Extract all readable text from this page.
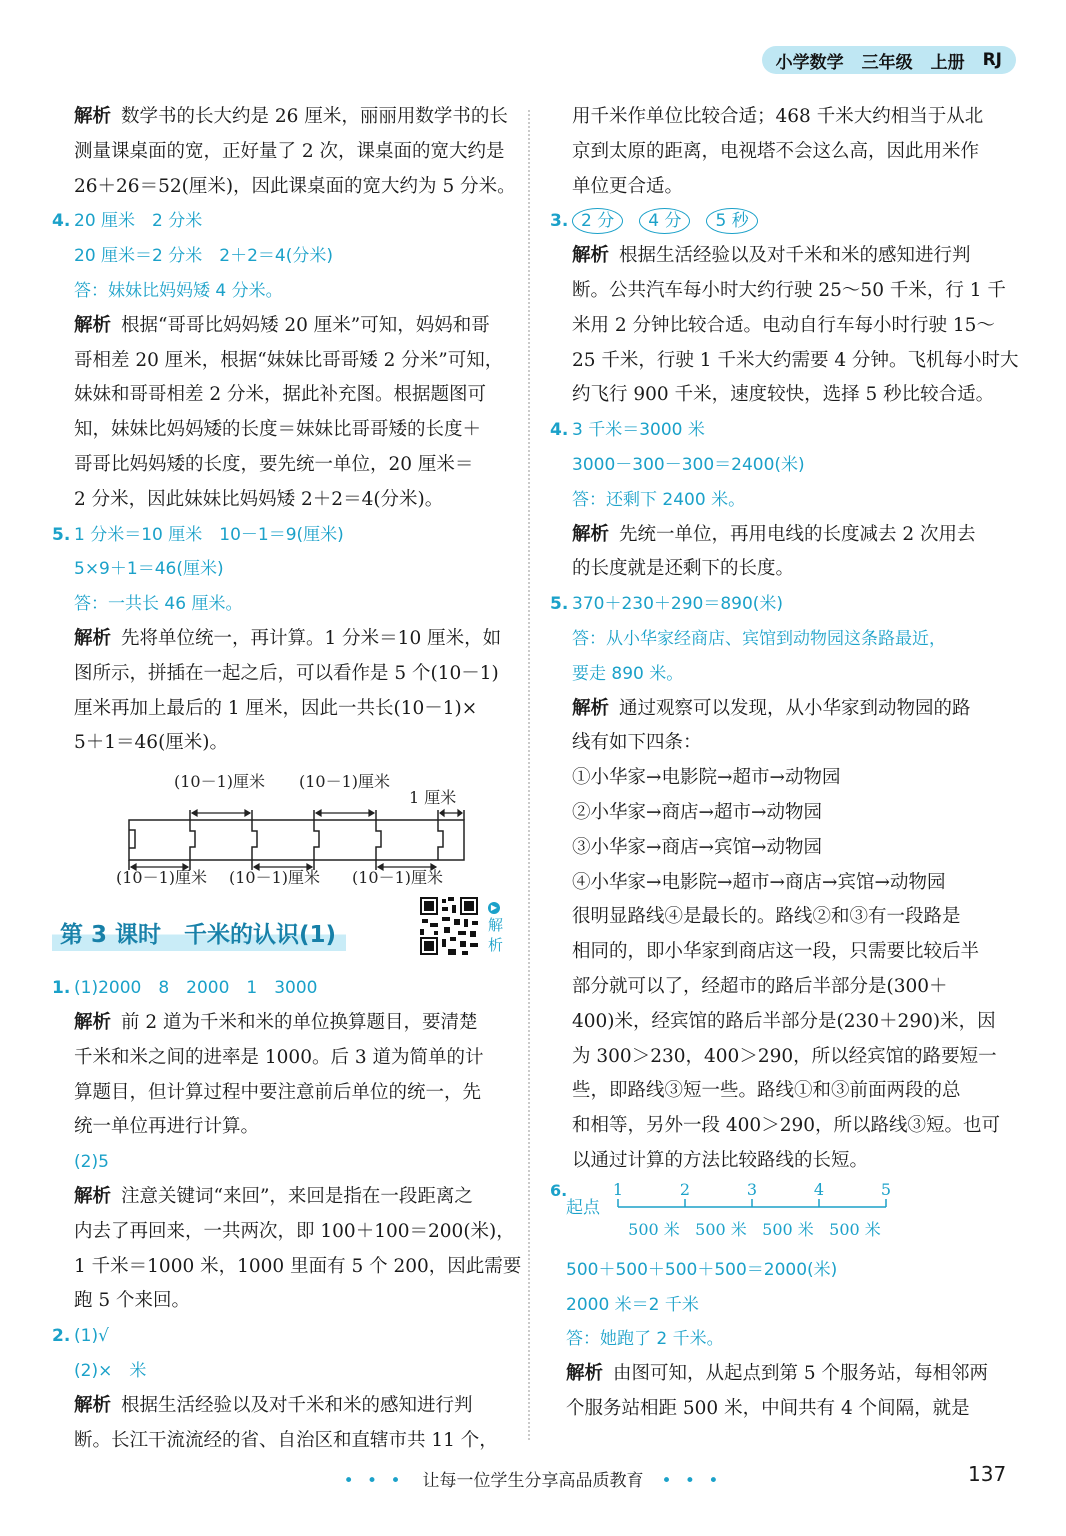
小学数学 三年级 上册 RJ
解析 数学书的长大约是 26 厘米，丽丽用数学书的长
测量课桌面的宽，正好量了 2 次，课桌面的宽大约是
26＋26＝52(厘米)，因此课桌面的宽大约为 5 分米。
4. 20 厘米　2 分米
20 厘米＝2 分米　2＋2＝4(分米)
答：妹妹比妈妈矮 4 分米。
解析 根据“哥哥比妈妈矮 20 厘米”可知，妈妈和哥
哥相差 20 厘米，根据“妹妹比哥哥矮 2 分米”可知，
妹妹和哥哥相差 2 分米，据此补充图。根据题图可
知，妹妹比妈妈矮的长度＝妹妹比哥哥矮的长度＋
哥哥比妈妈矮的长度，要先统一单位，20 厘米＝
2 分米，因此妹妹比妈妈矮 2＋2＝4(分米)。
5. 1 分米＝10 厘米　10－1＝9(厘米)
5×9＋1＝46(厘米)
答：一共长 46 厘米。
解析 先将单位统一，再计算。1 分米＝10 厘米，如
图所示，拼插在一起之后，可以看作是 5 个(10－1)
厘米再加上最后的 1 厘米，因此一共长(10－1)×
5＋1＝46(厘米)。
(10－1)厘米 (10－1)厘米
1 厘米
(10－1)厘米 (10－1)厘米 (10－1)厘米
第 3 课时　千米的认识(1)
▶
解
析
1. (1)2000　8　2000　1　3000
解析 前 2 道为千米和米的单位换算题目，要清楚
千米和米之间的进率是 1000。后 3 道为简单的计
算题目，但计算过程中要注意前后单位的统一，先
统一单位再进行计算。
(2)5
解析 注意关键词“来回”，来回是指在一段距离之
内去了再回来，一共两次，即 100＋100＝200(米)，
1 千米＝1000 米，1000 里面有 5 个 200，因此需要
跑 5 个来回。
2. (1)√
(2)×　米
解析 根据生活经验以及对千米和米的感知进行判
断。长江干流流经的省、自治区和直辖市共 11 个，
用千米作单位比较合适；468 千米大约相当于从北
京到太原的距离，电视塔不会这么高，因此用米作
单位更合适。
3. 2 分 4 分 5 秒
解析 根据生活经验以及对千米和米的感知进行判
断。公共汽车每小时大约行驶 25～50 千米，行 1 千
米用 2 分钟比较合适。电动自行车每小时行驶 15～
25 千米，行驶 1 千米大约需要 4 分钟。飞机每小时大
约飞行 900 千米，速度较快，选择 5 秒比较合适。
4. 3 千米＝3000 米
3000－300－300＝2400(米)
答：还剩下 2400 米。
解析 先统一单位，再用电线的长度减去 2 次用去
的长度就是还剩下的长度。
5. 370＋230＋290＝890(米)
答：从小华家经商店、宾馆到动物园这条路最近，
要走 890 米。
解析 通过观察可以发现，从小华家到动物园的路
线有如下四条：
①小华家→电影院→超市→动物园
②小华家→商店→超市→动物园
③小华家→商店→宾馆→动物园
④小华家→电影院→超市→商店→宾馆→动物园
很明显路线④是最长的。路线②和③有一段路是
相同的，即小华家到商店这一段，只需要比较后半
部分就可以了，经超市的路后半部分是(300＋
400)米，经宾馆的路后半部分是(230＋290)米，因
为 300＞230，400＞290，所以经宾馆的路要短一
些，即路线③短一些。路线①和③前面两段的总
和相等，另外一段 400＞290，所以路线③短。也可
以通过计算的方法比较路线的长短。
6.
起点
1	2	3	4	5
500 米 500 米 500 米 500 米
500＋500＋500＋500＝2000(米)
2000 米＝2 千米
答：她跑了 2 千米。
解析 由图可知，从起点到第 5 个服务站，每相邻两
个服务站相距 500 米，中间共有 4 个间隔，就是
• • • 让每一位学生分享高品质教育 • • •	137
